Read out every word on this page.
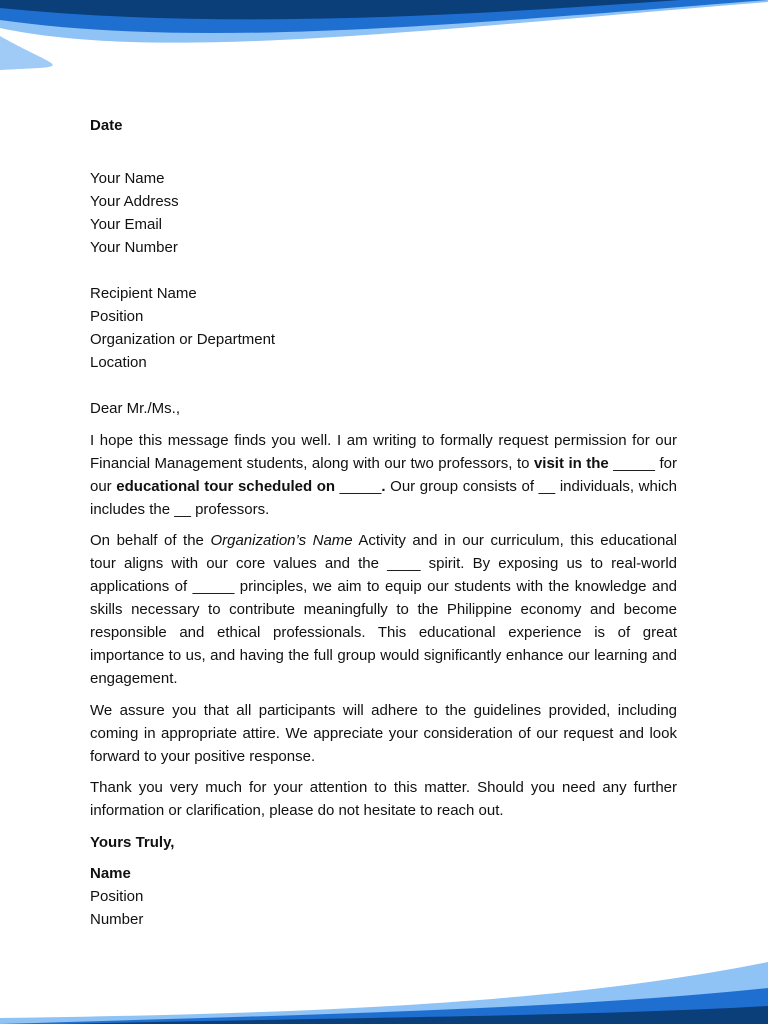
Date
Your Name
Your Address
Your Email
Your Number
Recipient Name
Position
Organization or Department
Location

Dear Mr./Ms.,

I hope this message finds you well. I am writing to formally request permission for our Financial Management students, along with our two professors, to visit in the _____ for our educational tour scheduled on _____. Our group consists of __ individuals, which includes the __ professors.

On behalf of the Organization’s Name Activity and in our curriculum, this educational tour aligns with our core values and the ____ spirit. By exposing us to real-world applications of _____ principles, we aim to equip our students with the knowledge and skills necessary to contribute meaningfully to the Philippine economy and become responsible and ethical professionals. This educational experience is of great importance to us, and having the full group would significantly enhance our learning and engagement.

We assure you that all participants will adhere to the guidelines provided, including coming in appropriate attire. We appreciate your consideration of our request and look forward to your positive response.

Thank you very much for your attention to this matter. Should you need any further information or clarification, please do not hesitate to reach out.

Yours Truly,

Name
Position
Number
